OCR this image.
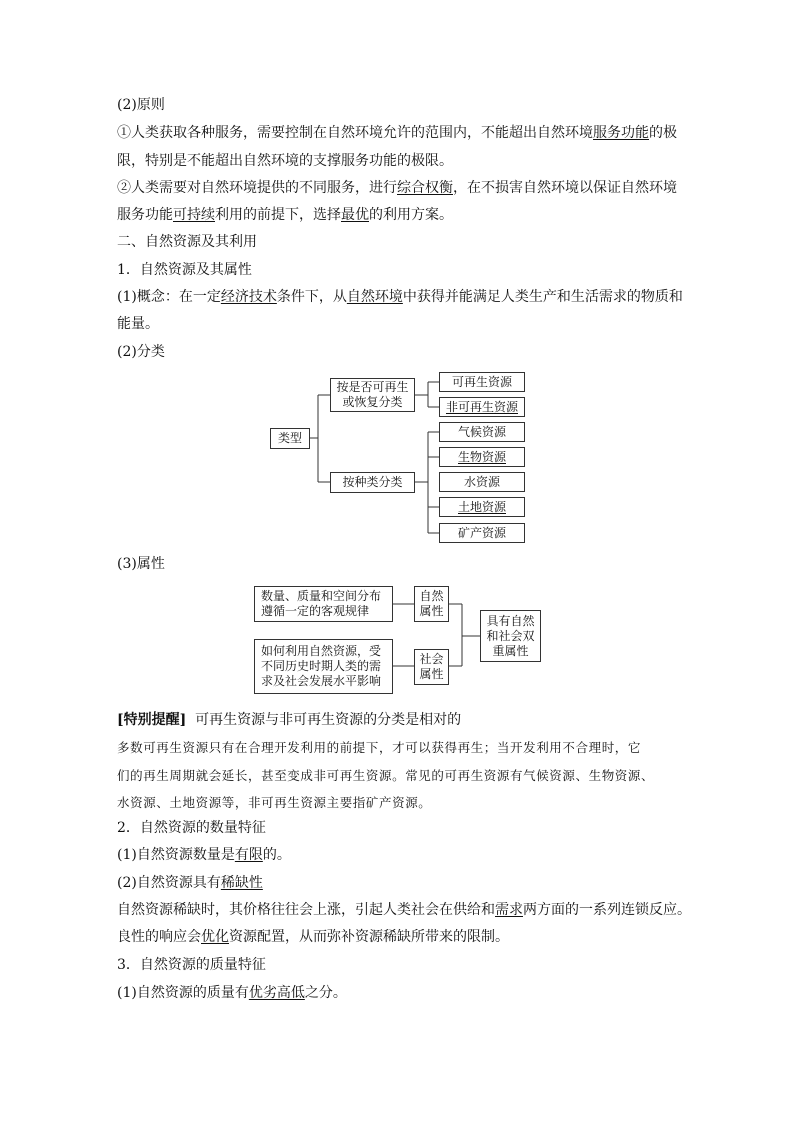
(2)原则
①人类获取各种服务，需要控制在自然环境允许的范围内，不能超出自然环境服务功能的极
限，特别是不能超出自然环境的支撑服务功能的极限。
②人类需要对自然环境提供的不同服务，进行综合权衡，在不损害自然环境以保证自然环境
服务功能可持续利用的前提下，选择最优的利用方案。
二、自然资源及其利用
1．自然资源及其属性
(1)概念：在一定经济技术条件下，从自然环境中获得并能满足人类生产和生活需求的物质和
能量。
(2)分类
类型
按是否可再生
或恢复分类
按种类分类
可再生资源
非可再生资源
气候资源
生物资源
水资源
土地资源
矿产资源
(3)属性
数量、质量和空间分布
遵循一定的客观规律
如何利用自然资源，受
不同历史时期人类的需
求及社会发展水平影响
自然
属性
社会
属性
具有自然
和社会双
重属性
[特别提醒] 可再生资源与非可再生资源的分类是相对的
多数可再生资源只有在合理开发利用的前提下，才可以获得再生；当开发利用不合理时，它
们的再生周期就会延长，甚至变成非可再生资源。常见的可再生资源有气候资源、生物资源、
水资源、土地资源等，非可再生资源主要指矿产资源。
2．自然资源的数量特征
(1)自然资源数量是有限的。
(2)自然资源具有稀缺性
自然资源稀缺时，其价格往往会上涨，引起人类社会在供给和需求两方面的一系列连锁反应。
良性的响应会优化资源配置，从而弥补资源稀缺所带来的限制。
3．自然资源的质量特征
(1)自然资源的质量有优劣高低之分。
